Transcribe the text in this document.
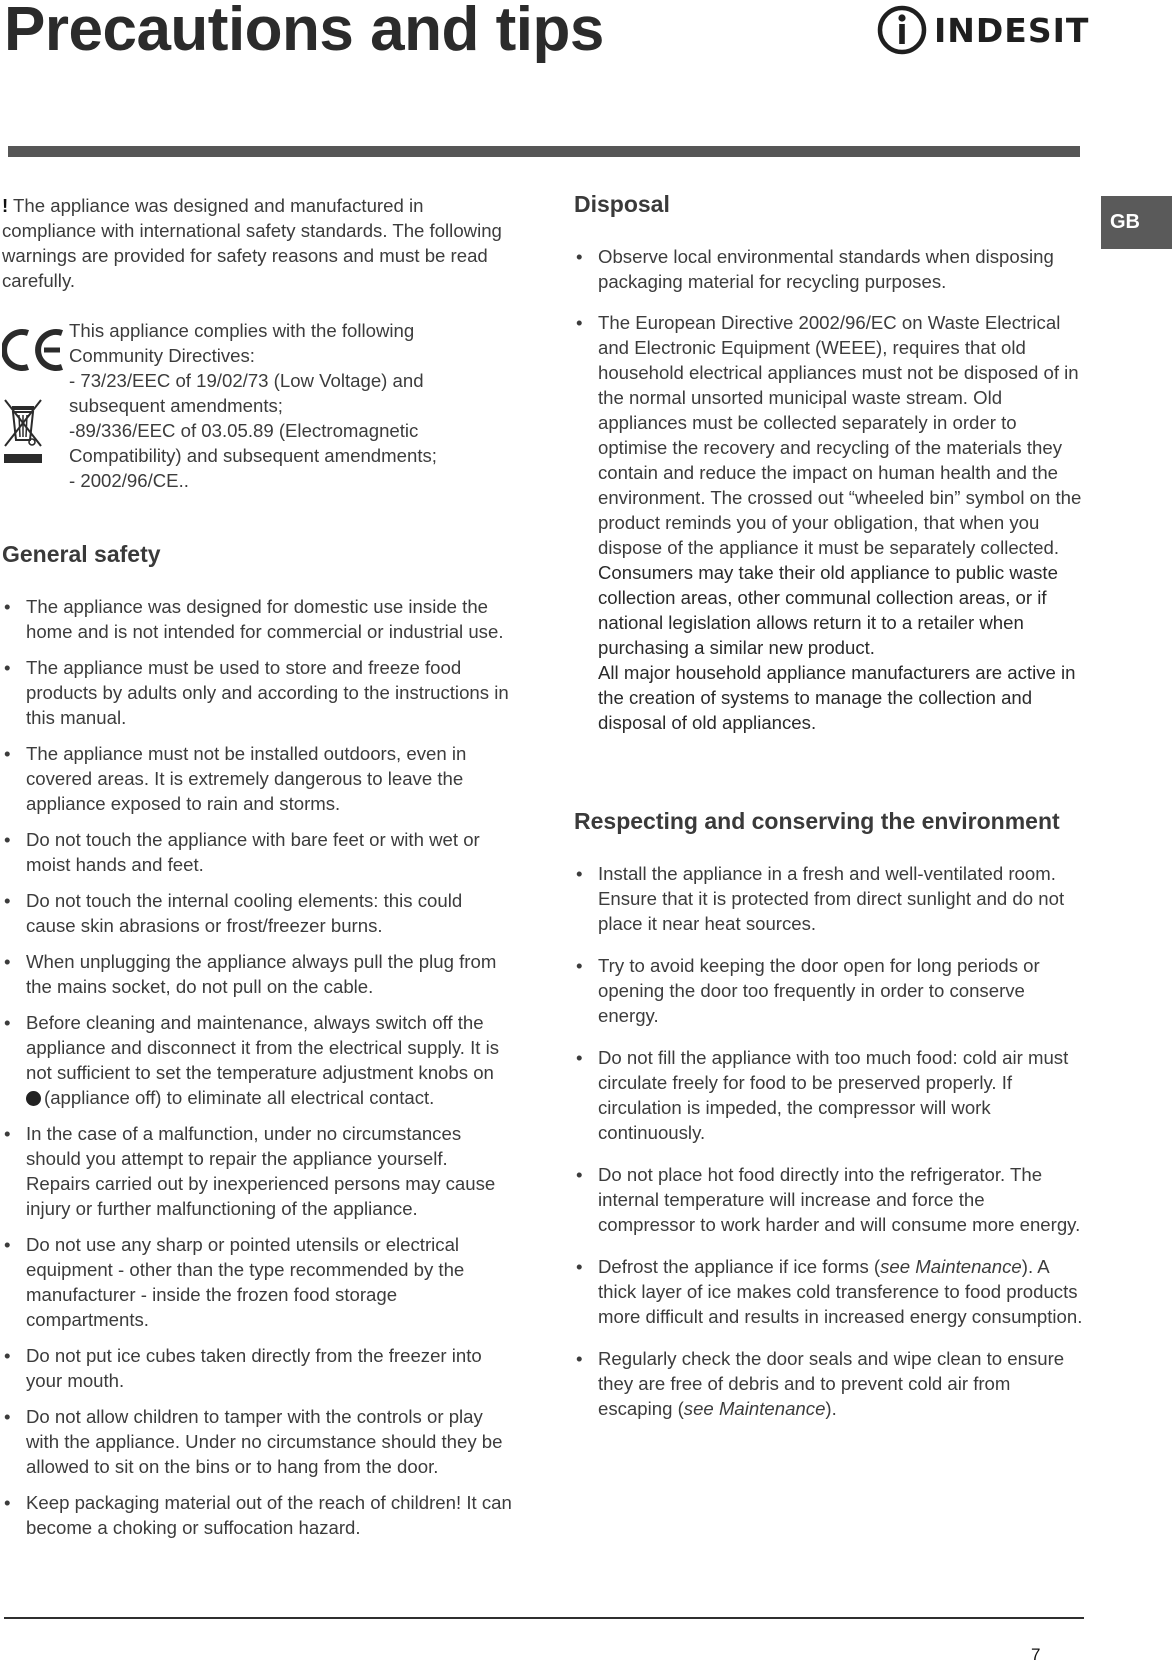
Precautions and tips	INDESIT
GB

! The appliance was designed and manufactured in compliance with international safety standards. The following warnings are provided for safety reasons and must be read carefully.

This appliance complies with the following
Community Directives:
- 73/23/EEC of 19/02/73 (Low Voltage) and
subsequent amendments;
-89/336/EEC of 03.05.89 (Electromagnetic
Compatibility) and subsequent amendments;
- 2002/96/CE..

General safety
• The appliance was designed for domestic use inside the home and is not intended for commercial or industrial use.
• The appliance must be used to store and freeze food products by adults only and according to the instructions in this manual.
• The appliance must not be installed outdoors, even in covered areas. It is extremely dangerous to leave the appliance exposed to rain and storms.
• Do not touch the appliance with bare feet or with wet or moist hands and feet.
• Do not touch the internal cooling elements: this could cause skin abrasions or frost/freezer burns.
• When unplugging the appliance always pull the plug from the mains socket, do not pull on the cable.
• Before cleaning and maintenance, always switch off the appliance and disconnect it from the electrical supply. It is not sufficient to set the temperature adjustment knobs on (appliance off) to eliminate all electrical contact.
• In the case of a malfunction, under no circumstances should you attempt to repair the appliance yourself. Repairs carried out by inexperienced persons may cause injury or further malfunctioning of the appliance.
• Do not use any sharp or pointed utensils or electrical equipment - other than the type recommended by the manufacturer - inside the frozen food storage compartments.
• Do not put ice cubes taken directly from the freezer into your mouth.
• Do not allow children to tamper with the controls or play with the appliance. Under no circumstance should they be allowed to sit on the bins or to hang from the door.
• Keep packaging material out of the reach of children! It can become a choking or suffocation hazard.
Disposal
• Observe local environmental standards when disposing packaging material for recycling purposes.
• The European Directive 2002/96/EC on Waste Electrical and Electronic Equipment (WEEE), requires that old household electrical appliances must not be disposed of in the normal unsorted municipal waste stream. Old appliances must be collected separately in order to optimise the recovery and recycling of the materials they contain and reduce the impact on human health and the environment. The crossed out “wheeled bin” symbol on the product reminds you of your obligation, that when you dispose of the appliance it must be separately collected.
Consumers may take their old appliance to public waste collection areas, other communal collection areas, or if national legislation allows return it to a retailer when purchasing a similar new product.
All major household appliance manufacturers are active in the creation of systems to manage the collection and disposal of old appliances.
Respecting and conserving the environment
• Install the appliance in a fresh and well-ventilated room. Ensure that it is protected from direct sunlight and do not place it near heat sources.
• Try to avoid keeping the door open for long periods or opening the door too frequently in order to conserve energy.
• Do not fill the appliance with too much food: cold air must circulate freely for food to be preserved properly. If circulation is impeded, the compressor will work continuously.
• Do not place hot food directly into the refrigerator. The internal temperature will increase and force the compressor to work harder and will consume more energy.
• Defrost the appliance if ice forms (see Maintenance). A thick layer of ice makes cold transference to food products more difficult and results in increased energy consumption.
• Regularly check the door seals and wipe clean to ensure they are free of debris and to prevent cold air from escaping (see Maintenance).
7
